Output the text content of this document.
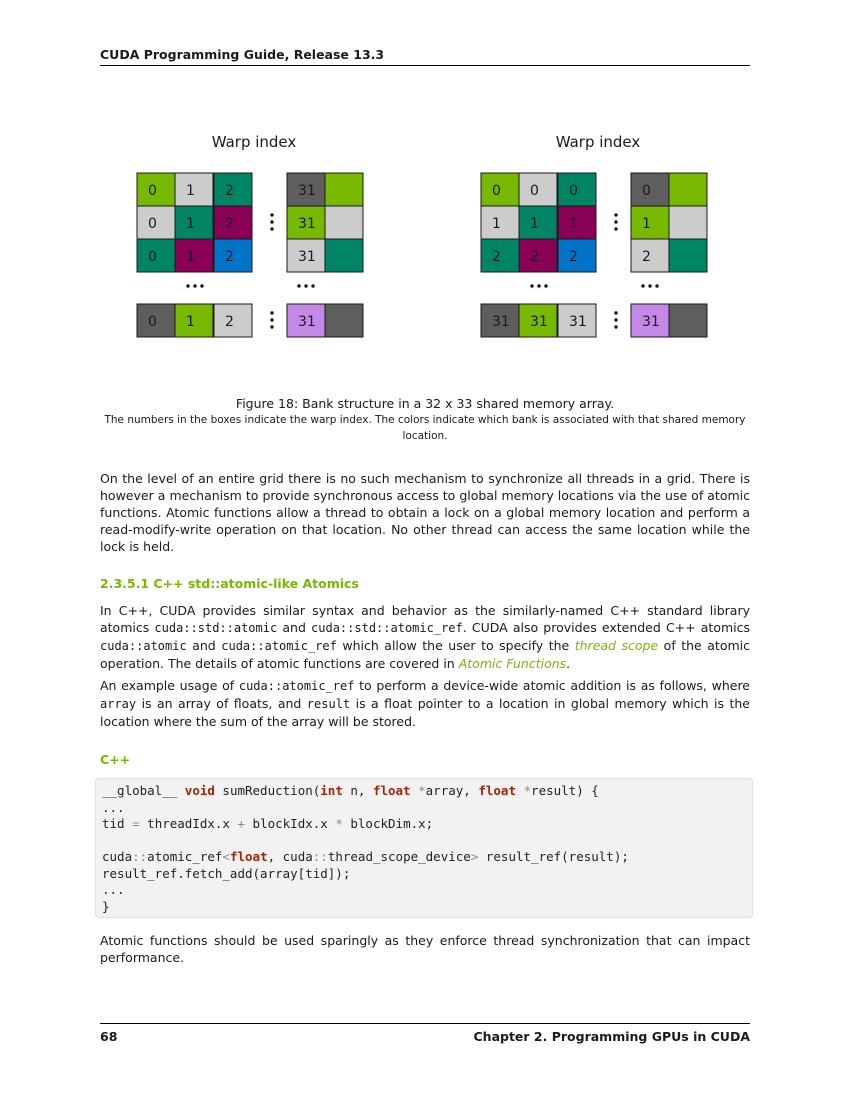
CUDA Programming Guide, Release 13.3
Warp index	Warp index
0 1 2	31
0 1 2	31
0 1 2	31
0 1 2	31
0 0 0	0
1 1 1	1
2 2 2	2
31 31 31	31
Figure 18: Bank structure in a 32 x 33 shared memory array.
The numbers in the boxes indicate the warp index. The colors indicate which bank is associated with that shared memory location.
On the level of an entire grid there is no such mechanism to synchronize all threads in a grid. There is however a mechanism to provide synchronous access to global memory locations via the use of atomic functions. Atomic functions allow a thread to obtain a lock on a global memory location and perform a read-modify-write operation on that location. No other thread can access the same location while the lock is held.
2.3.5.1 C++ std::atomic-like Atomics
In C++, CUDA provides similar syntax and behavior as the similarly-named C++ standard library atomics cuda::std::atomic and cuda::std::atomic_ref. CUDA also provides extended C++ atomics cuda::atomic and cuda::atomic_ref which allow the user to specify the thread scope of the atomic operation. The details of atomic functions are covered in Atomic Functions.
An example usage of cuda::atomic_ref to perform a device-wide atomic addition is as follows, where array is an array of floats, and result is a float pointer to a location in global memory which is the location where the sum of the array will be stored.
C++
__global__ void sumReduction(int n, float *array, float *result) {
...
tid = threadIdx.x + blockIdx.x * blockDim.x;
cuda::atomic_ref<float, cuda::thread_scope_device> result_ref(result);
result_ref.fetch_add(array[tid]);
...
}
Atomic functions should be used sparingly as they enforce thread synchronization that can impact performance.
68	Chapter 2. Programming GPUs in CUDA
